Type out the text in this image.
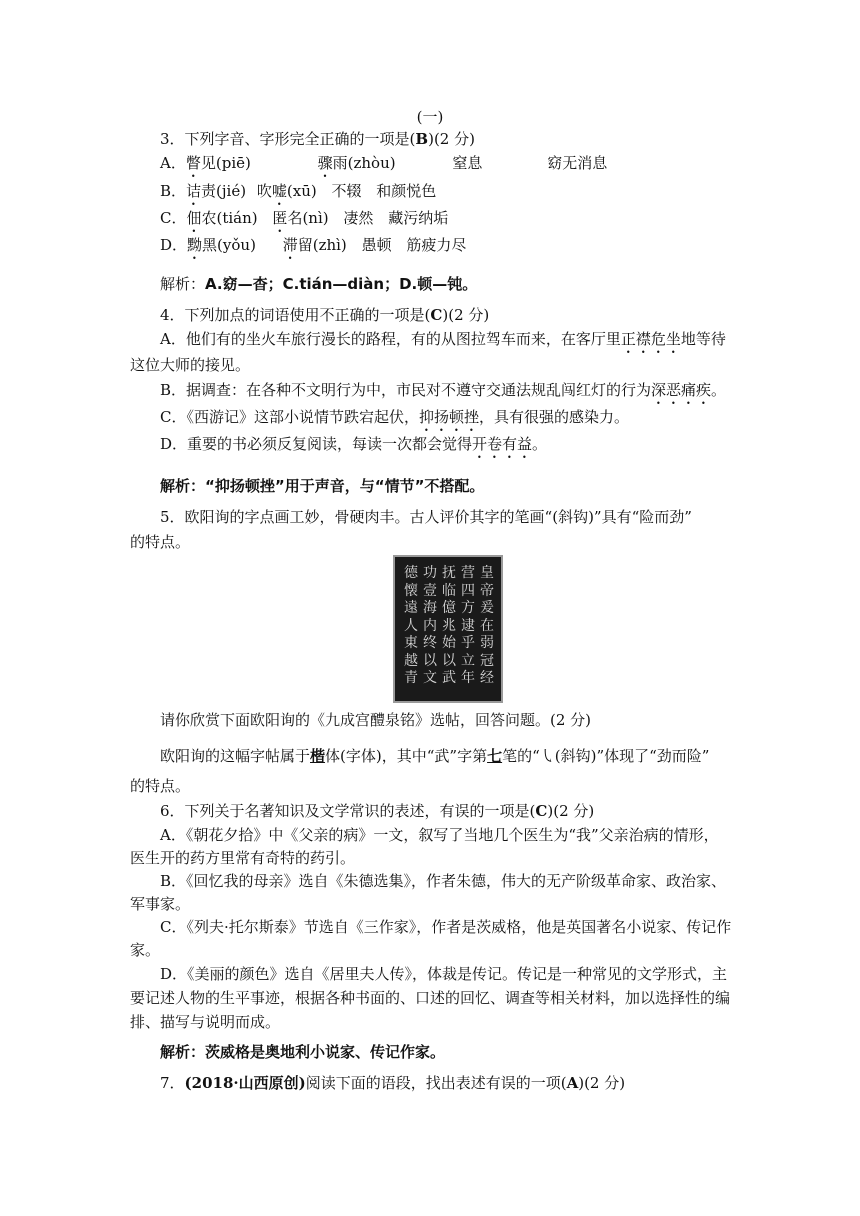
(一)
3．下列字音、字形完全正确的一项是(B)(2 分)
A．瞥见(piē)	骤雨(zhòu)	窒息	窈无消息
B．诘责(jié) 吹嘘(xū) 不辍 和颜悦色
C．佃农(tián) 匿名(nì) 凄然 藏污纳垢
D．黝黑(yǒu) 滞留(zhì) 愚顿 筋疲力尽
解析：A.窈—杳；C.tián—diàn；D.顿—钝。
4．下列加点的词语使用不正确的一项是(C)(2 分)
A．他们有的坐火车旅行漫长的路程，有的从图拉驾车而来，在客厅里正襟危坐地等待
这位大师的接见。
B．据调查：在各种不文明行为中，市民对不遵守交通法规乱闯红灯的行为深恶痛疾。
C．《西游记》这部小说情节跌宕起伏，抑扬顿挫，具有很强的感染力。
D．重要的书必须反复阅读，每读一次都会觉得开卷有益。
解析：“抑扬顿挫”用于声音，与“情节”不搭配。
5．欧阳询的字点画工妙，骨硬肉丰。古人评价其字的笔画“(斜钩)”具有“险而劲”
的特点。
皇帝爰在弱冠经
营四方逮乎立年
抚临億兆始以武
功壹海内终以文
德懐遠人東越青
请你欣赏下面欧阳询的《九成宫醴泉铭》选帖，回答问题。(2 分)
欧阳询的这幅字帖属于楷体(字体)，其中“武”字第七笔的“㇂(斜钩)”体现了“劲而险”
的特点。
6．下列关于名著知识及文学常识的表述，有误的一项是(C)(2 分)
A．《朝花夕拾》中《父亲的病》一文，叙写了当地几个医生为“我”父亲治病的情形，
医生开的药方里常有奇特的药引。
B．《回忆我的母亲》选自《朱德选集》，作者朱德，伟大的无产阶级革命家、政治家、
军事家。
C．《列夫·托尔斯泰》节选自《三作家》，作者是茨威格，他是英国著名小说家、传记作
家。
D．《美丽的颜色》选自《居里夫人传》，体裁是传记。传记是一种常见的文学形式，主
要记述人物的生平事迹，根据各种书面的、口述的回忆、调查等相关材料，加以选择性的编
排、描写与说明而成。
解析：茨威格是奥地利小说家、传记作家。
7．(2018·山西原创)阅读下面的语段，找出表述有误的一项(A)(2 分)
